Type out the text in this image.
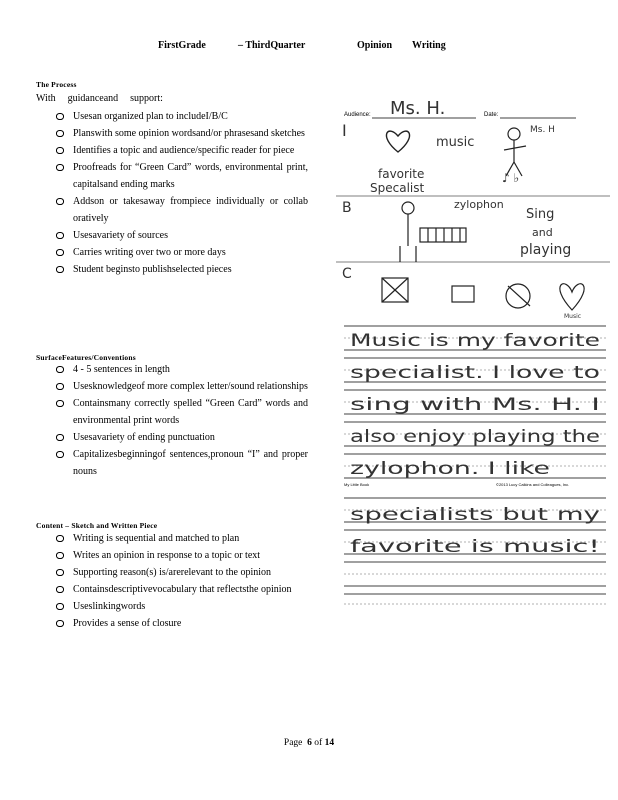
FirstGrade	– ThirdQuarter	Opinion Writing
The Process
With guidanceand support:
Usesan organized plan to includeI/B/C
Planswith some opinion wordsand/or phrasesand sketches
Identifies a topic and audience/specific reader for piece
Proofreads for “Green Card” words, environmental print, capitalsand ending marks
Addson or takesaway frompiece individually or collab oratively
Usesavariety of sources
Carries writing over two or more days
Student beginsto publishselected pieces
SurfaceFeatures/Conventions
4 - 5 sentences in length
Usesknowledgeof more complex letter/sound relationships
Containsmany correctly spelled “Green Card” words and environmental print words
Usesavariety of ending punctuation
Capitalizesbeginningof sentences,pronoun “I” and proper nouns
Content – Sketch and Written Piece
Writing is sequential and matched to plan
Writes an opinion in response to a topic or text
Supporting reason(s) is/arerelevant to the opinion
Containsdescriptivevocabulary that reflectsthe opinion
Useslinkingwords
Provides a sense of closure
Audience: Ms. H.	Date:
I
music
favorite
Specalist
Ms. H
♪ ♭
B	zylophon
Sing
and
playing
C
Music
Music is my favorite
specialist. I love to
sing with Ms. H. I
also enjoy playing the
zylophon. I like
My Little Book	©2013 Lucy Calkins and Colleagues, Inc.
specialists but my
favorite is music!
Page 6 of 14
